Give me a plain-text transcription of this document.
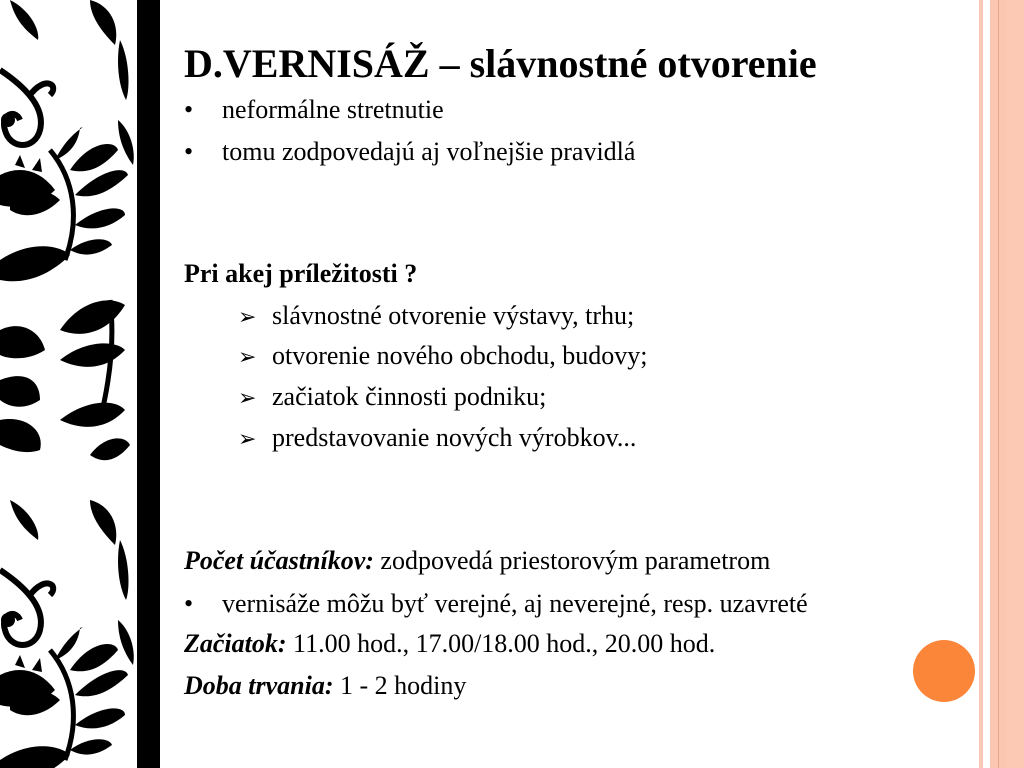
D.VERNISÁŽ – slávnostné otvorenie
• neformálne stretnutie
• tomu zodpovedajú aj voľnejšie pravidlá
Pri akej príležitosti ?
➢ slávnostné otvorenie výstavy, trhu;
➢ otvorenie nového obchodu, budovy;
➢ začiatok činnosti podniku;
➢ predstavovanie nových výrobkov...
Počet účastníkov: zodpovedá priestorovým parametrom
• vernisáže môžu byť verejné, aj neverejné, resp. uzavreté
Začiatok: 11.00 hod., 17.00/18.00 hod., 20.00 hod.
Doba trvania: 1 - 2 hodiny
